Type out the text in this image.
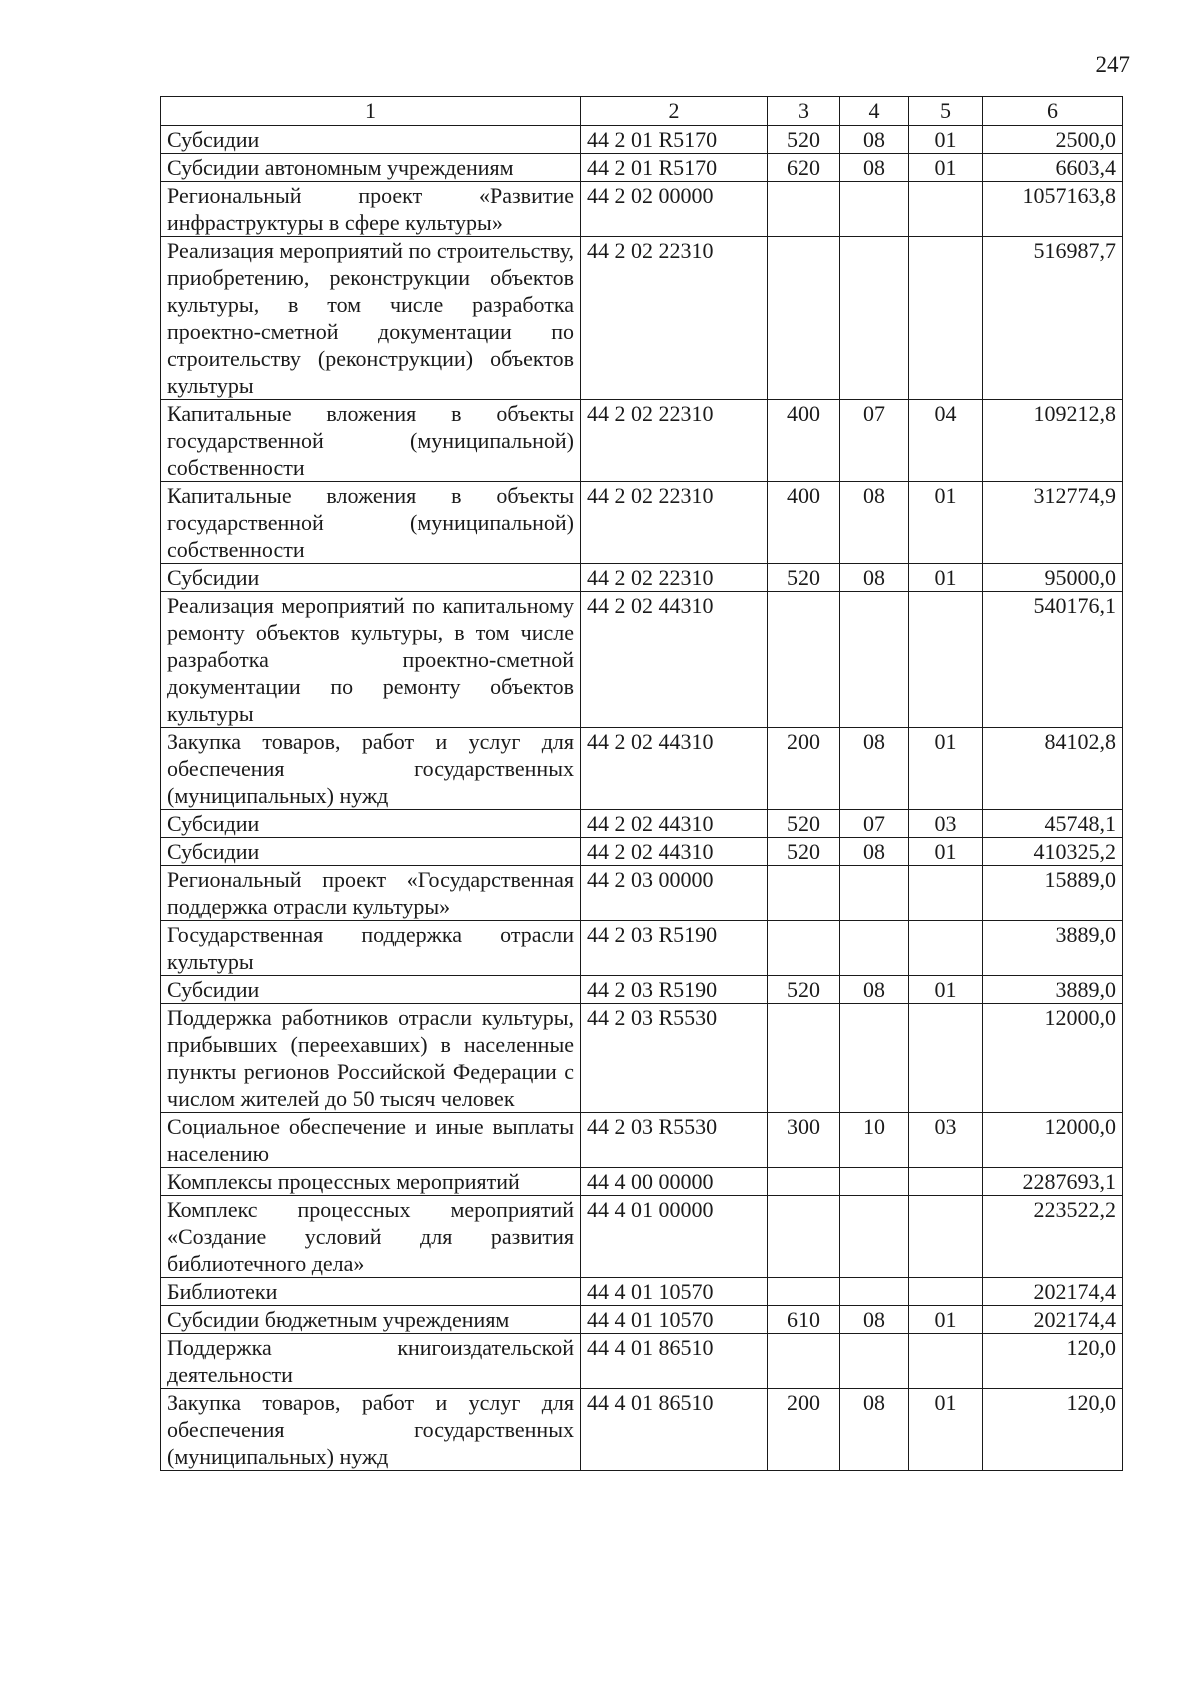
247
1	2	3	4	5	6
Субсидии	44 2 01 R5170	520	08	01	2500,0
Субсидии автономным учреждениям	44 2 01 R5170	620	08	01	6603,4
Региональный проект «Развитие инфраструктуры в сфере культуры»	44 2 02 00000				1057163,8
Реализация мероприятий по строительству, приобретению, реконструкции объектов культуры, в том числе разработка проектно-сметной документации по строительству (реконструкции) объектов культуры	44 2 02 22310				516987,7
Капитальные вложения в объекты государственной (муниципальной) собственности	44 2 02 22310	400	07	04	109212,8
Капитальные вложения в объекты государственной (муниципальной) собственности	44 2 02 22310	400	08	01	312774,9
Субсидии	44 2 02 22310	520	08	01	95000,0
Реализация мероприятий по капитальному ремонту объектов культуры, в том числе разработка проектно-сметной документации по ремонту объектов культуры	44 2 02 44310				540176,1
Закупка товаров, работ и услуг для обеспечения государственных (муниципальных) нужд	44 2 02 44310	200	08	01	84102,8
Субсидии	44 2 02 44310	520	07	03	45748,1
Субсидии	44 2 02 44310	520	08	01	410325,2
Региональный проект «Государственная поддержка отрасли культуры»	44 2 03 00000				15889,0
Государственная поддержка отрасли культуры	44 2 03 R5190				3889,0
Субсидии	44 2 03 R5190	520	08	01	3889,0
Поддержка работников отрасли культуры, прибывших (переехавших) в населенные пункты регионов Российской Федерации с числом жителей до 50 тысяч человек	44 2 03 R5530				12000,0
Социальное обеспечение и иные выплаты населению	44 2 03 R5530	300	10	03	12000,0
Комплексы процессных мероприятий	44 4 00 00000				2287693,1
Комплекс процессных мероприятий «Создание условий для развития библиотечного дела»	44 4 01 00000				223522,2
Библиотеки	44 4 01 10570				202174,4
Субсидии бюджетным учреждениям	44 4 01 10570	610	08	01	202174,4
Поддержка книгоиздательской деятельности	44 4 01 86510				120,0
Закупка товаров, работ и услуг для обеспечения государственных (муниципальных) нужд	44 4 01 86510	200	08	01	120,0
